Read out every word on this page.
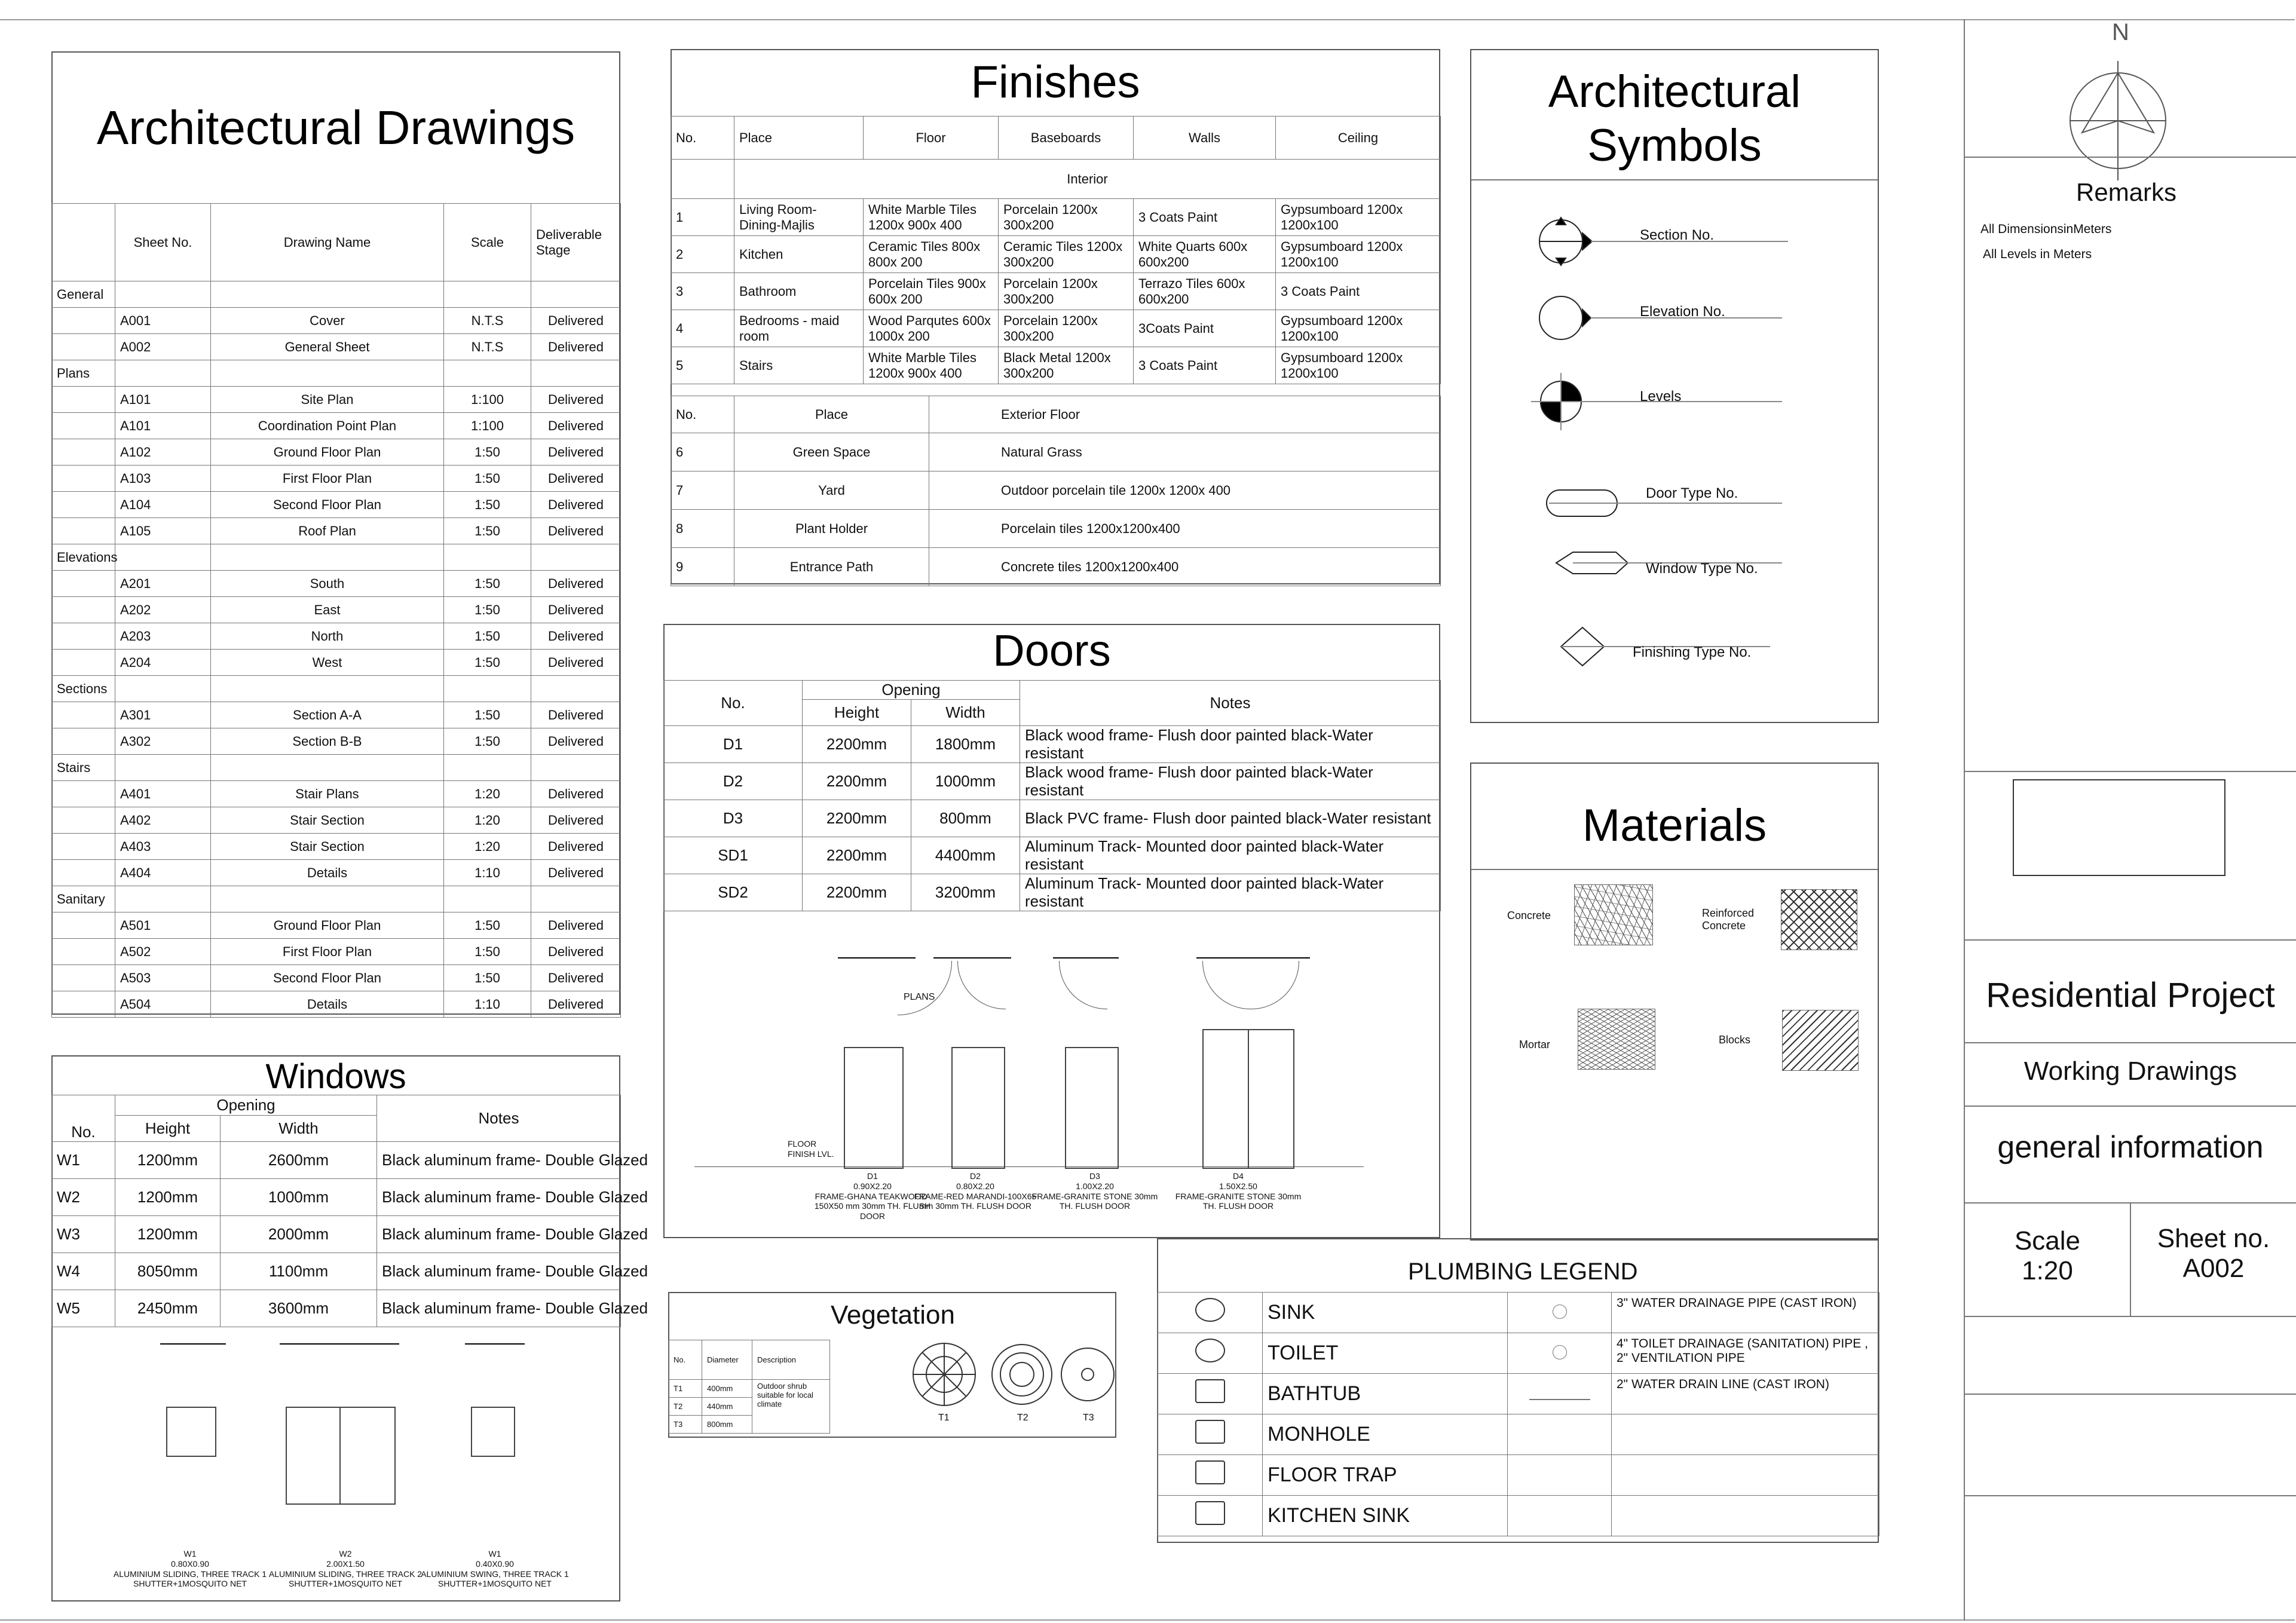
Architectural Drawings
	Sheet No.	Drawing Name	Scale	Deliverable Stage
General				
	A001	Cover	N.T.S	Delivered
	A002	General Sheet	N.T.S	Delivered
Plans				
	A101	Site Plan	1:100	Delivered
	A101	Coordination Point Plan	1:100	Delivered
	A102	Ground Floor Plan	1:50	Delivered
	A103	First Floor Plan	1:50	Delivered
	A104	Second Floor Plan	1:50	Delivered
	A105	Roof Plan	1:50	Delivered
Elevations				
	A201	South	1:50	Delivered
	A202	East	1:50	Delivered
	A203	North	1:50	Delivered
	A204	West	1:50	Delivered
Sections				
	A301	Section A-A	1:50	Delivered
	A302	Section B-B	1:50	Delivered
Stairs				
	A401	Stair Plans	1:20	Delivered
	A402	Stair Section	1:20	Delivered
	A403	Stair Section	1:20	Delivered
	A404	Details	1:10	Delivered
Sanitary				
	A501	Ground Floor Plan	1:50	Delivered
	A502	First Floor Plan	1:50	Delivered
	A503	Second Floor Plan	1:50	Delivered
	A504	Details	1:10	Delivered
Windows
No.	Opening		Notes
	Height	Width	
W1	1200mm	2600mm	Black aluminum frame- Double Glazed
W2	1200mm	1000mm	Black aluminum frame- Double Glazed
W3	1200mm	2000mm	Black aluminum frame- Double Glazed
W4	8050mm	1100mm	Black aluminum frame- Double Glazed
W5	2450mm	3600mm	Black aluminum frame- Double Glazed
W1
0.80X0.90
ALUMINIUM SLIDING, THREE TRACK 1 SHUTTER+1MOSQUITO NET
W2
2.00X1.50
ALUMINIUM SLIDING, THREE TRACK 2 SHUTTER+1MOSQUITO NET
W1
0.40X0.90
ALUMINIUM SWING, THREE TRACK 1 SHUTTER+1MOSQUITO NET
Finishes
No.	Place	Floor	Baseboards	Walls	Ceiling
	Interior				
1	Living Room- Dining-Majlis	White Marble Tiles 1200x 900x 400	Porcelain 1200x 300x200	3 Coats Paint	Gypsumboard 1200x 1200x100
2	Kitchen	Ceramic Tiles 800x 800x 200	Ceramic Tiles 1200x 300x200	White Quarts 600x 600x200	Gypsumboard 1200x 1200x100
3	Bathroom	Porcelain Tiles 900x 600x 200	Porcelain 1200x 300x200	Terrazo Tiles 600x 600x200	3 Coats Paint
4	Bedrooms - maid room	Wood Parqutes 600x 1000x 200	Porcelain 1200x 300x200	3Coats Paint	Gypsumboard 1200x 1200x100
5	Stairs	White Marble Tiles 1200x 900x 400	Black Metal 1200x 300x200	3 Coats Paint	Gypsumboard 1200x 1200x100
No.	Place	Exterior Floor
6	Green Space	Natural Grass
7	Yard	Outdoor porcelain tile 1200x 1200x 400
8	Plant Holder	Porcelain tiles 1200x1200x400
9	Entrance Path	Concrete tiles 1200x1200x400
Doors
No.	Opening		Notes
	Height	Width	
D1	2200mm	1800mm	Black wood frame- Flush door painted black-Water resistant
D2	2200mm	1000mm	Black wood frame- Flush door painted black-Water resistant
D3	2200mm	800mm	Black PVC frame- Flush door painted black-Water resistant
SD1	2200mm	4400mm	Aluminum Track- Mounted door painted black-Water resistant
SD2	2200mm	3200mm	Aluminum Track- Mounted door painted black-Water resistant
PLANS
FLOOR FINISH LVL.
D1
0.90X2.20
FRAME-GHANA TEAKWOOD-150X50 mm 30mm TH. FLUSH DOOR
D2
0.80X2.20
FRAME-RED MARANDI-100X65 mm 30mm TH. FLUSH DOOR
D3
1.00X2.20
FRAME-GRANITE STONE 30mm TH. FLUSH DOOR
D4
1.50X2.50
FRAME-GRANITE STONE 30mm TH. FLUSH DOOR
Vegetation
No.	Diameter	Description
T1	400mm	Outdoor shrub suitable for local climate
T2	440mm	
T3	800mm	
T1	T2	T3
Architectural
Symbols
Section No.
Elevation No.
Levels
Door Type No.
Window Type No.
Finishing Type No.
Materials
Concrete	Reinforced Concrete
Mortar	Blocks
PLUMBING LEGEND
	SINK		3" WATER DRAINAGE PIPE (CAST IRON)

	TOILET		4" TOILET DRAINAGE (SANITATION) PIPE ,
2" VENTILATION PIPE

	BATHTUB		2" WATER DRAIN LINE (CAST IRON)

	MONHOLE		
	FLOOR TRAP		
	KITCHEN SINK		
N
Remarks
All DimensionsinMeters
All Levels in Meters
Residential Project
Working Drawings
general information
Scale
1:20
Sheet no.
A002
